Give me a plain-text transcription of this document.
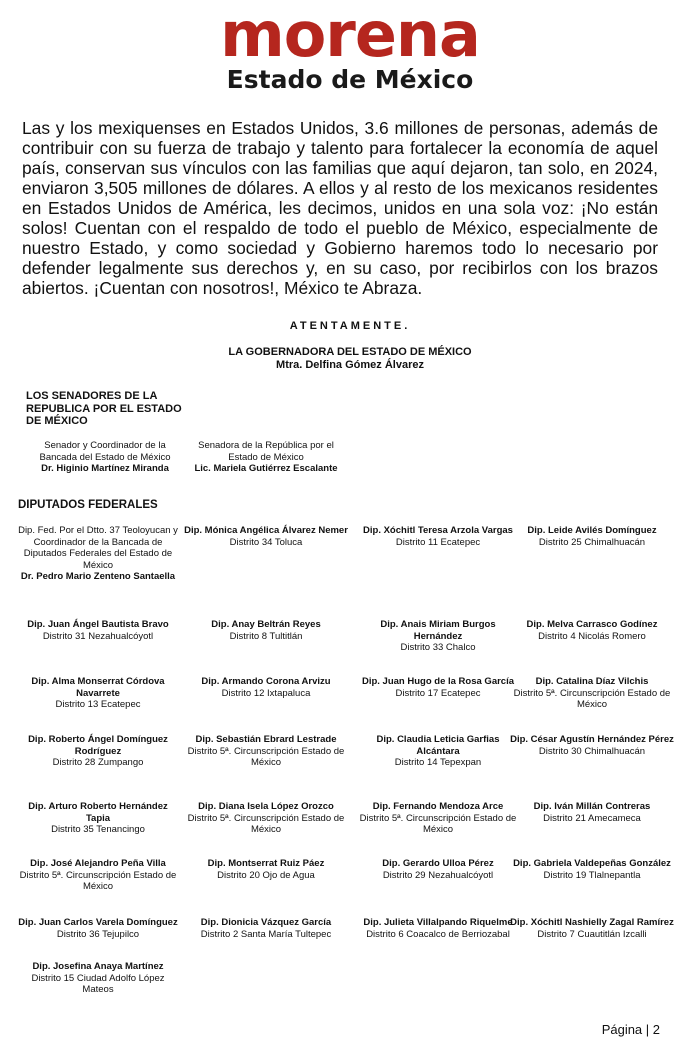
morena
Estado de México

Las y los mexiquenses en Estados Unidos, 3.6 millones de personas, además de contribuir con su fuerza de trabajo y talento para fortalecer la economía de aquel país, conservan sus vínculos con las familias que aquí dejaron, tan solo, en 2024, enviaron 3,505 millones de dólares. A ellos y al resto de los mexicanos residentes en Estados Unidos de América, les decimos, unidos en una sola voz: ¡No están solos! Cuentan con el respaldo de todo el pueblo de México, especialmente de nuestro Estado, y como sociedad y Gobierno haremos todo lo necesario por defender legalmente sus derechos y, en su caso, por recibirlos con los brazos abiertos. ¡Cuentan con nosotros!, México te Abraza.

ATENTAMENTE.
LA GOBERNADORA DEL ESTADO DE MÉXICO
Mtra. Delfina Gómez Álvarez
LOS SENADORES DE LA REPUBLICA POR EL ESTADO DE MÉXICO
Senador y Coordinador de la Bancada del Estado de México
Dr. Higinio Martínez Miranda
Senadora de la República por el Estado de México
Lic. Mariela Gutiérrez Escalante
DIPUTADOS FEDERALES
Dip. Fed. Por el Dtto. 37 Teoloyucan y Coordinador de la Bancada de Diputados Federales del Estado de México
Dr. Pedro Mario Zenteno Santaella
Dip. Mónica Angélica Álvarez Nemer
Distrito 34 Toluca
Dip. Xóchitl Teresa Arzola Vargas
Distrito 11 Ecatepec
Dip. Leide Avilés Domínguez
Distrito 25 Chimalhuacán
Dip. Juan Ángel Bautista Bravo
Distrito 31 Nezahualcóyotl
Dip. Anay Beltrán Reyes
Distrito 8 Tultitlán
Dip. Anais Miriam Burgos Hernández
Distrito 33 Chalco
Dip. Melva Carrasco Godínez
Distrito 4 Nicolás Romero
Dip. Alma Monserrat Córdova Navarrete
Distrito 13 Ecatepec
Dip. Armando Corona Arvizu
Distrito 12 Ixtapaluca
Dip. Juan Hugo de la Rosa García
Distrito 17 Ecatepec
Dip. Catalina Díaz Vilchis
Distrito 5ª. Circunscripción Estado de México
Dip. Roberto Ángel Domínguez Rodríguez
Distrito 28 Zumpango
Dip. Sebastián Ebrard Lestrade
Distrito 5ª. Circunscripción Estado de México
Dip. Claudia Leticia Garfias Alcántara
Distrito 14 Tepexpan
Dip. César Agustín Hernández Pérez
Distrito 30 Chimalhuacán
Dip. Arturo Roberto Hernández Tapia
Distrito 35 Tenancingo
Dip. Diana Isela López Orozco
Distrito 5ª. Circunscripción Estado de México
Dip. Fernando Mendoza Arce
Distrito 5ª. Circunscripción Estado de México
Dip. Iván Millán Contreras
Distrito 21 Amecameca
Dip. José Alejandro Peña Villa
Distrito 5ª. Circunscripción Estado de México
Dip. Montserrat Ruiz Páez
Distrito 20 Ojo de Agua
Dip. Gerardo Ulloa Pérez
Distrito 29 Nezahualcóyotl
Dip. Gabriela Valdepeñas González
Distrito 19 Tlalnepantla
Dip. Juan Carlos Varela Domínguez
Distrito 36 Tejupilco
Dip. Dionicia Vázquez García
Distrito 2 Santa María Tultepec
Dip. Julieta Villalpando Riquelme
Distrito 6 Coacalco de Berriozabal
Dip. Xóchitl Nashielly Zagal Ramírez
Distrito 7 Cuautitlán Izcalli
Dip. Josefina Anaya Martínez
Distrito 15 Ciudad Adolfo López Mateos
Página | 2
